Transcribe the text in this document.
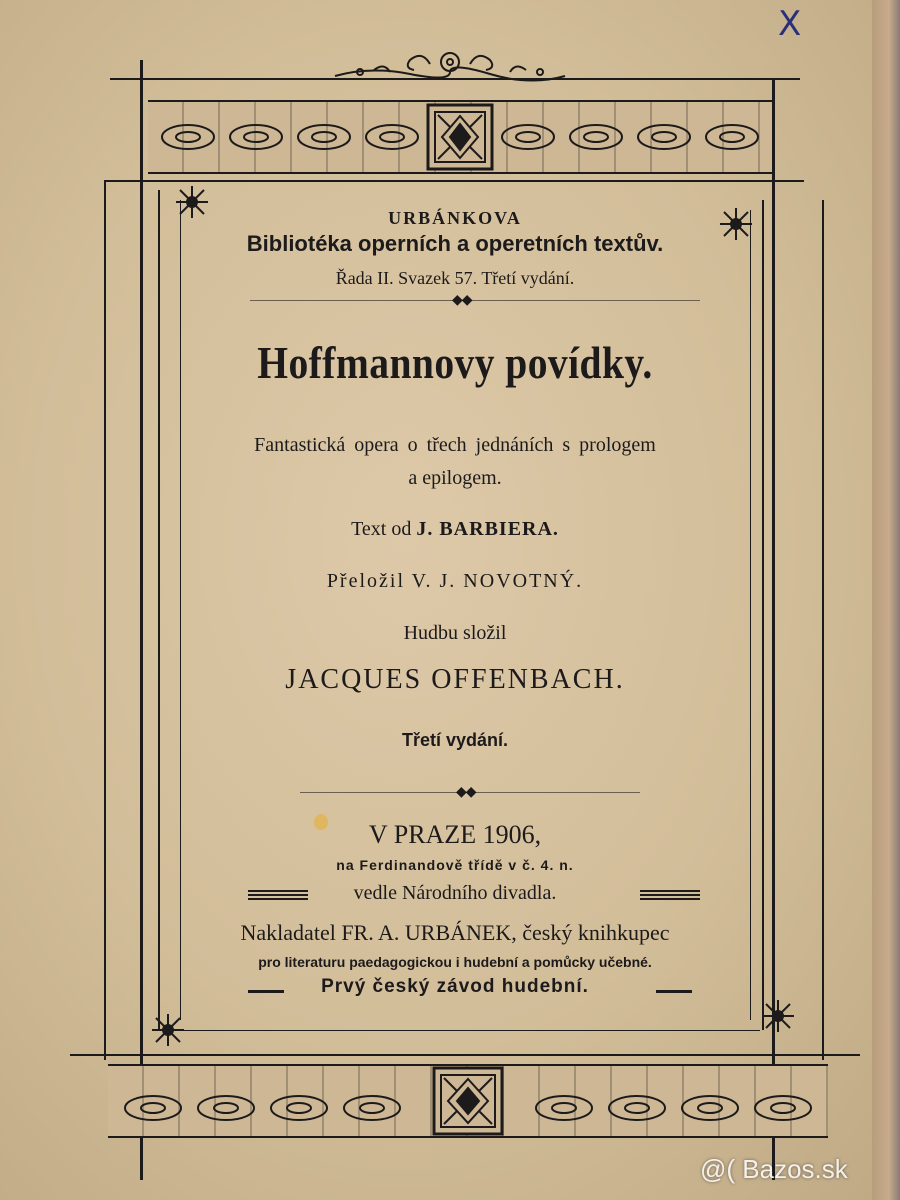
X
URBÁNKOVA
Bibliotéka operních a operetních textův.
Řada II. Svazek 57. Třetí vydání.
◆◆
Hoffmannovy povídky.
Fantastická opera o třech jednáních s prologem
a epilogem.
Text od J. BARBIERA.
Přeložil V. J. NOVOTNÝ.
Hudbu složil
JACQUES OFFENBACH.
Třetí vydání.
◆◆
V PRAZE 1906,
na Ferdinandově třídě v č. 4. n.
vedle Národního divadla.
Nakladatel FR. A. URBÁNEK, český knihkupec
pro literaturu paedagogickou i hudební a pomůcky učebné.
Prvý český závod hudební.
@( Bazos.sk
